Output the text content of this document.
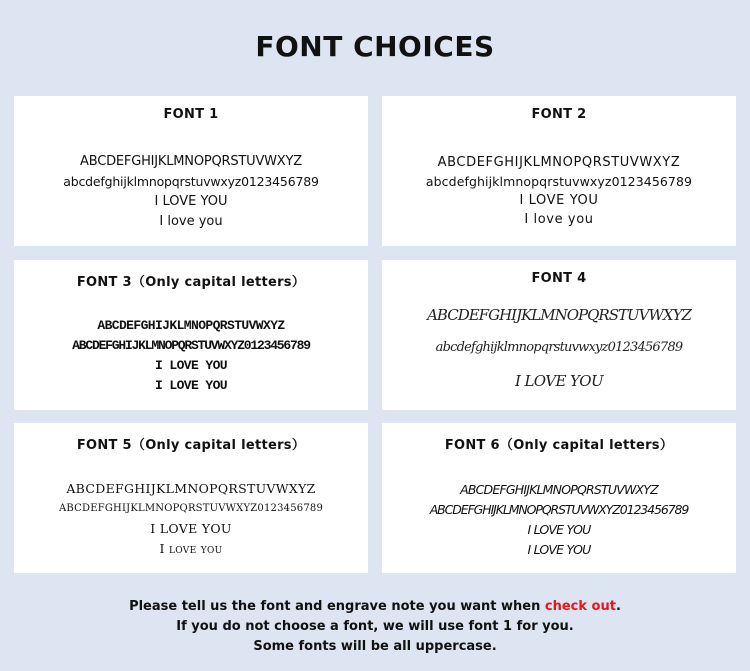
FONT CHOICES
FONT 1
ABCDEFGHIJKLMNOPQRSTUVWXYZ
abcdefghijklmnopqrstuvwxyz0123456789
I LOVE YOU
I love you
FONT 2
ABCDEFGHIJKLMNOPQRSTUVWXYZ
abcdefghijklmnopqrstuvwxyz0123456789
I LOVE YOU
I love you
FONT 3（Only capital letters）
ABCDEFGHIJKLMNOPQRSTUVWXYZ
ABCDEFGHIJKLMNOPQRSTUVWXYZ0123456789
I LOVE YOU
I LOVE YOU
FONT 4
ABCDEFGHIJKLMNOPQRSTUVWXYZ
abcdefghijklmnopqrstuvwxyz0123456789
I LOVE YOU
FONT 5（Only capital letters）
ABCDEFGHIJKLMNOPQRSTUVWXYZ
ABCDEFGHIJKLMNOPQRSTUVWXYZ0123456789
I LOVE YOU
I love you
FONT 6（Only capital letters）
ABCDEFGHIJKLMNOPQRSTUVWXYZ
ABCDEFGHIJKLMNOPQRSTUVWXYZ0123456789
I LOVE YOU
I LOVE YOU
Please tell us the font and engrave note you want when check out.
If you do not choose a font, we will use font 1 for you.
Some fonts will be all uppercase.
